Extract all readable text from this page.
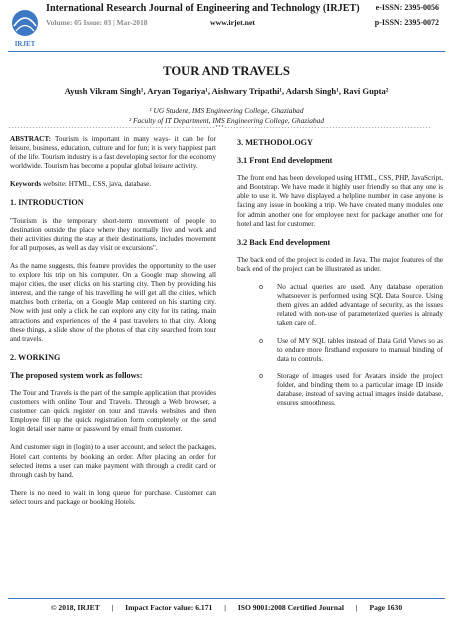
IRJET
International Research Journal of Engineering and Technology (IRJET) e-ISSN: 2395-0056
Volume: 05 Issue: 03 | Mar-2018	www.irjet.net	p-ISSN: 2395-0072
TOUR AND TRAVELS
Ayush Vikram Singh¹, Aryan Togariya¹, Aishwary Tripathi¹, Adarsh Singh¹, Ravi Gupta²
¹ UG Student, IMS Engineering College, Ghaziabad
² Faculty of IT Department, IMS Engineering College, Ghaziabad
---------------------------------------------------------------------***---------------------------------------------------------------------

ABSTRACT: Tourism is important in many ways- it can be for leisure, business, education, culture and for fun; it is very happiest part of the life. Tourism industry is a fast developing sector for the economy worldwide. Tourism has become a popular global leisure activity.

Keywords website: HTML, CSS, java, database.

1. INTRODUCTION

"Tourism is the temporary short-term movement of people to destination outside the place where they normally live and work and their activities during the stay at their destinations, includes movement for all purposes, as well as day visit or excursions".

As the name suggests, this feature provides the opportunity to the user to explore his trip on his computer. On a Google map showing all major cities, the user clicks on his starting city. Then by providing his interest, and the range of his travelling he will get all the cities, which matches both criteria, on a Google Map centered on his starting city. Now with just only a click he can explore any city for its rating, main attractions and experiences of the 4 past travelers to that city. Along these things, a slide show of the photos of that city searched from tour and travels.

2. WORKING
The proposed system work as follows:

The Tour and Travels is the part of the sample application that provides customers with online Tour and Travels. Through a Web browser, a customer can quick register on tour and travels websites and then Employee fill up the quick registration form completely or the send login detail user name or password by email from customer.

And customer sign in (login) to a user account, and select the packages, Hotel cart contents by booking an order. After placing an order for selected items a user can make payment with through a credit card or through cash by hand.

There is no need to wait in long queue for purchase. Customer can select tours and package or booking Hotels.

3. METHODOLOGY
3.1 Front End development

The front end has been developed using HTML, CSS, PHP, JavaScript, and Bootstrap. We have made it highly user friendly so that any one is able to use it. We have displayed a helpline number in case anyone is facing any issue in booking a trip. We have created many modules one for admin another one for employee next for package another one for hotel and last for customer.

3.2 Back End development

The back end of the project is coded in Java. The major features of the back end of the project can be illustrated as under.

o No actual queries are used. Any database operation whatsoever is performed using SQL Data Source. Using them gives an added advantage of security, as the issues related with non-use of parameterized queries is already taken care of.
o Use of MY SQL tables instead of Data Grid Views so as to endure more firsthand exposure to manual binding of data to controls.
o Storage of images used for Avatars inside the project folder, and binding them to a particular image ID inside database, instead of saving actual images inside database, ensures smoothness.
© 2018, IRJET | Impact Factor value: 6.171 | ISO 9001:2008 Certified Journal | Page 1630
